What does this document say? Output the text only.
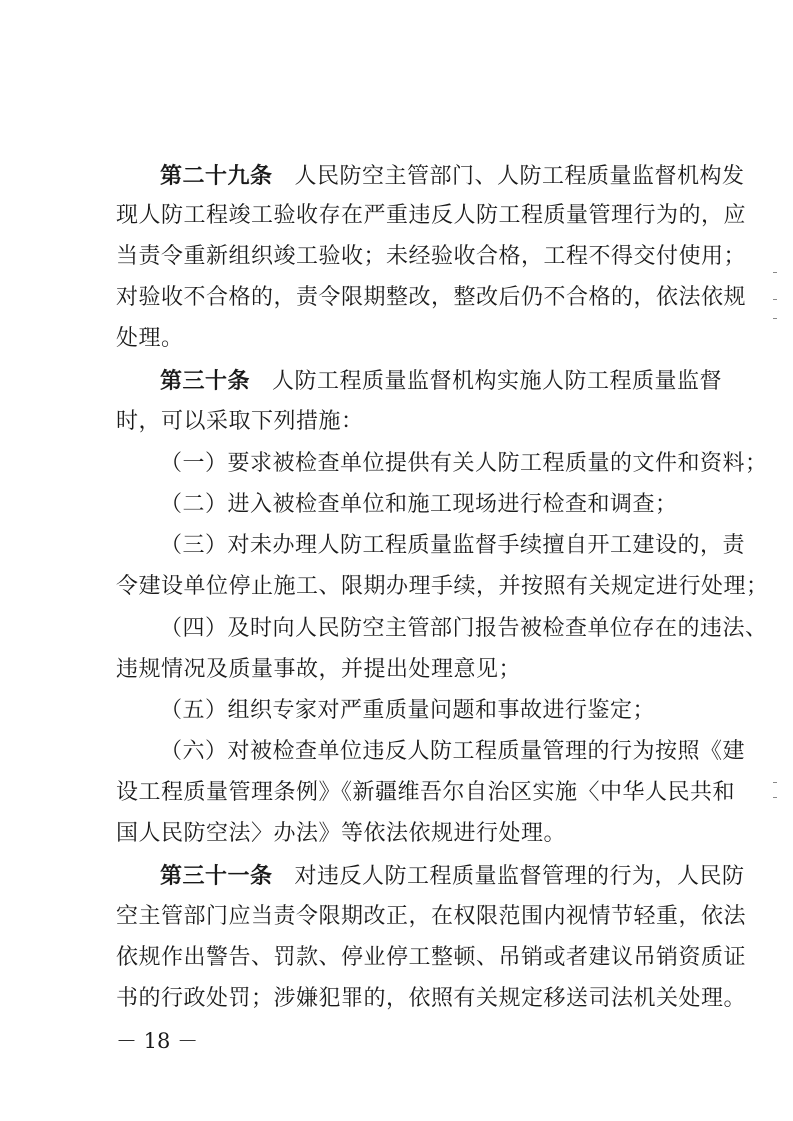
第二十九条 人民防空主管部门、人防工程质量监督机构发
现人防工程竣工验收存在严重违反人防工程质量管理行为的，应
当责令重新组织竣工验收；未经验收合格，工程不得交付使用；
对验收不合格的，责令限期整改，整改后仍不合格的，依法依规
处理。
第三十条 人防工程质量监督机构实施人防工程质量监督
时，可以采取下列措施：
（一）要求被检查单位提供有关人防工程质量的文件和资料；
（二）进入被检查单位和施工现场进行检查和调查；
（三）对未办理人防工程质量监督手续擅自开工建设的，责
令建设单位停止施工、限期办理手续，并按照有关规定进行处理；
（四）及时向人民防空主管部门报告被检查单位存在的违法、
违规情况及质量事故，并提出处理意见；
（五）组织专家对严重质量问题和事故进行鉴定；
（六）对被检查单位违反人防工程质量管理的行为按照《建
设工程质量管理条例》《新疆维吾尔自治区实施〈中华人民共和
国人民防空法〉办法》等依法依规进行处理。
第三十一条 对违反人防工程质量监督管理的行为，人民防
空主管部门应当责令限期改正，在权限范围内视情节轻重，依法
依规作出警告、罚款、停业停工整顿、吊销或者建议吊销资质证
书的行政处罚；涉嫌犯罪的，依照有关规定移送司法机关处理。
－ 18 －
